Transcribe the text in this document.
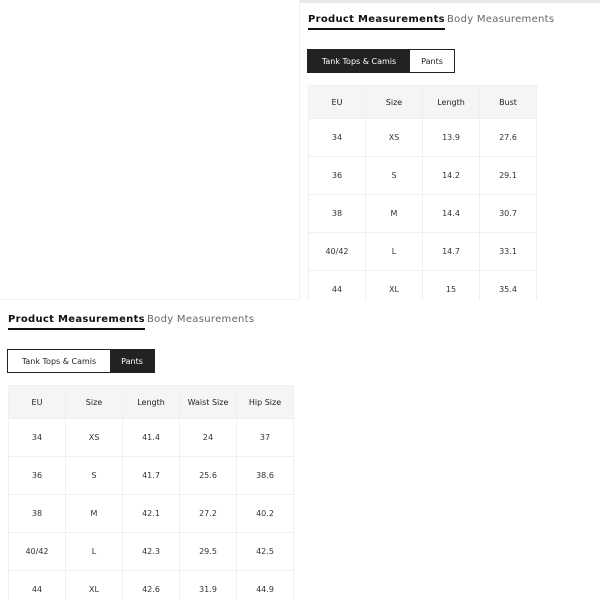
Product Measurements Body Measurements
Tank Tops & Camis	Pants
EU	Size	Length	Bust
34	XS	13.9	27.6
36	S	14.2	29.1
38	M	14.4	30.7
40/42	L	14.7	33.1
44	XL	15	35.4
Product Measurements Body Measurements
Tank Tops & Camis	Pants
EU	Size	Length	Waist Size	Hip Size
34	XS	41.4	24	37
36	S	41.7	25.6	38.6
38	M	42.1	27.2	40.2
40/42	L	42.3	29.5	42.5
44	XL	42.6	31.9	44.9
